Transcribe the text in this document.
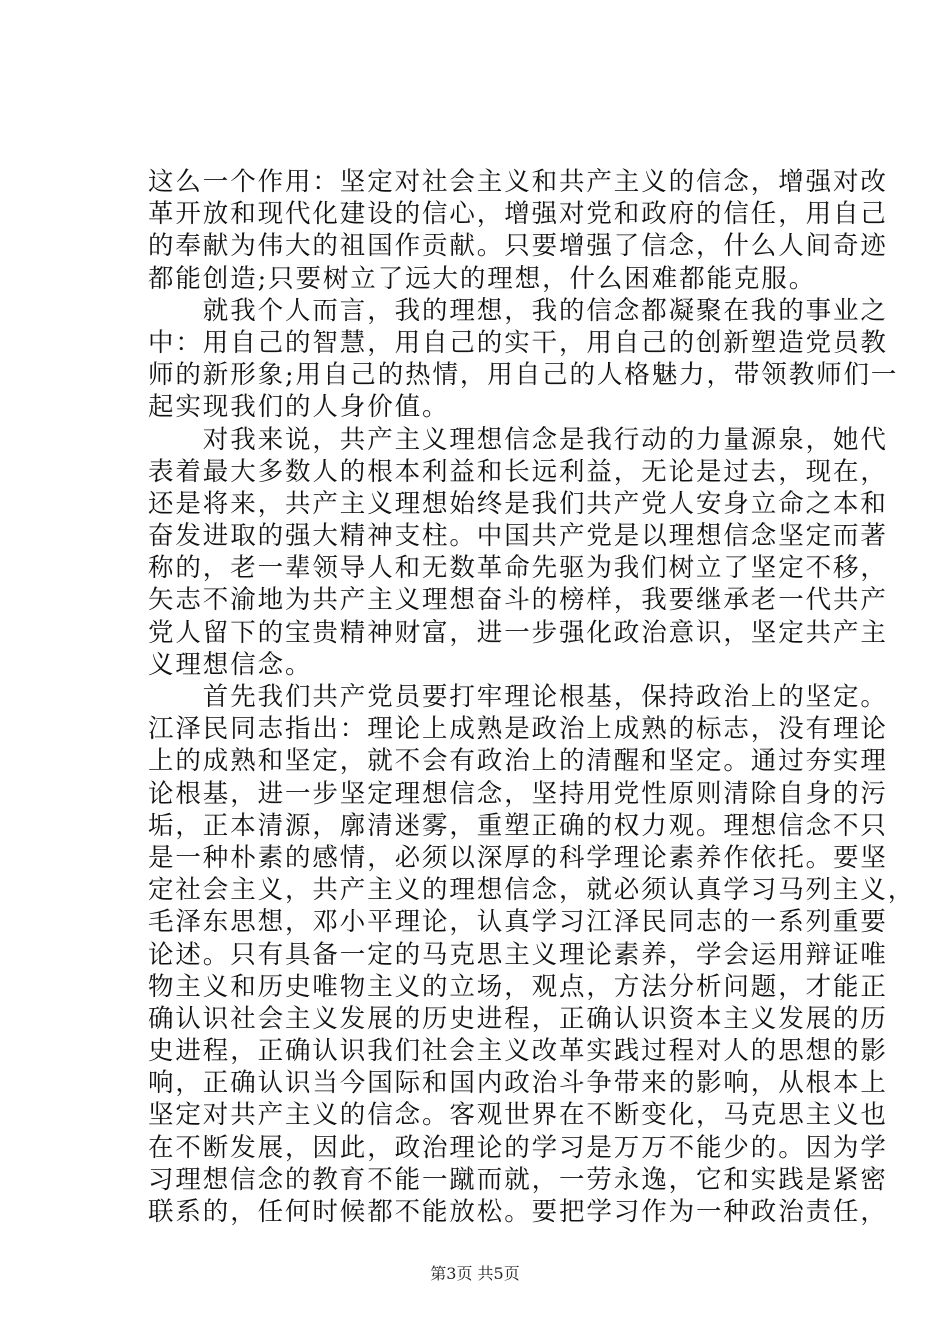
这么一个作用：坚定对社会主义和共产主义的信念，增强对改
革开放和现代化建设的信心，增强对党和政府的信任，用自己
的奉献为伟大的祖国作贡献。只要增强了信念，什么人间奇迹
都能创造;只要树立了远大的理想，什么困难都能克服。
　　就我个人而言，我的理想，我的信念都凝聚在我的事业之
中：用自己的智慧，用自己的实干，用自己的创新塑造党员教
师的新形象;用自己的热情，用自己的人格魅力，带领教师们一
起实现我们的人身价值。
　　对我来说，共产主义理想信念是我行动的力量源泉，她代
表着最大多数人的根本利益和长远利益，无论是过去，现在，
还是将来，共产主义理想始终是我们共产党人安身立命之本和
奋发进取的强大精神支柱。中国共产党是以理想信念坚定而著
称的，老一辈领导人和无数革命先驱为我们树立了坚定不移，
矢志不渝地为共产主义理想奋斗的榜样，我要继承老一代共产
党人留下的宝贵精神财富，进一步强化政治意识，坚定共产主
义理想信念。
　　首先我们共产党员要打牢理论根基，保持政治上的坚定。
江泽民同志指出：理论上成熟是政治上成熟的标志，没有理论
上的成熟和坚定，就不会有政治上的清醒和坚定。通过夯实理
论根基，进一步坚定理想信念，坚持用党性原则清除自身的污
垢，正本清源，廓清迷雾，重塑正确的权力观。理想信念不只
是一种朴素的感情，必须以深厚的科学理论素养作依托。要坚
定社会主义，共产主义的理想信念，就必须认真学习马列主义，
毛泽东思想，邓小平理论，认真学习江泽民同志的一系列重要
论述。只有具备一定的马克思主义理论素养，学会运用辩证唯
物主义和历史唯物主义的立场，观点，方法分析问题，才能正
确认识社会主义发展的历史进程，正确认识资本主义发展的历
史进程，正确认识我们社会主义改革实践过程对人的思想的影
响，正确认识当今国际和国内政治斗争带来的影响，从根本上
坚定对共产主义的信念。客观世界在不断变化，马克思主义也
在不断发展，因此，政治理论的学习是万万不能少的。因为学
习理想信念的教育不能一蹴而就，一劳永逸，它和实践是紧密
联系的，任何时候都不能放松。要把学习作为一种政治责任，
第3页 共5页
